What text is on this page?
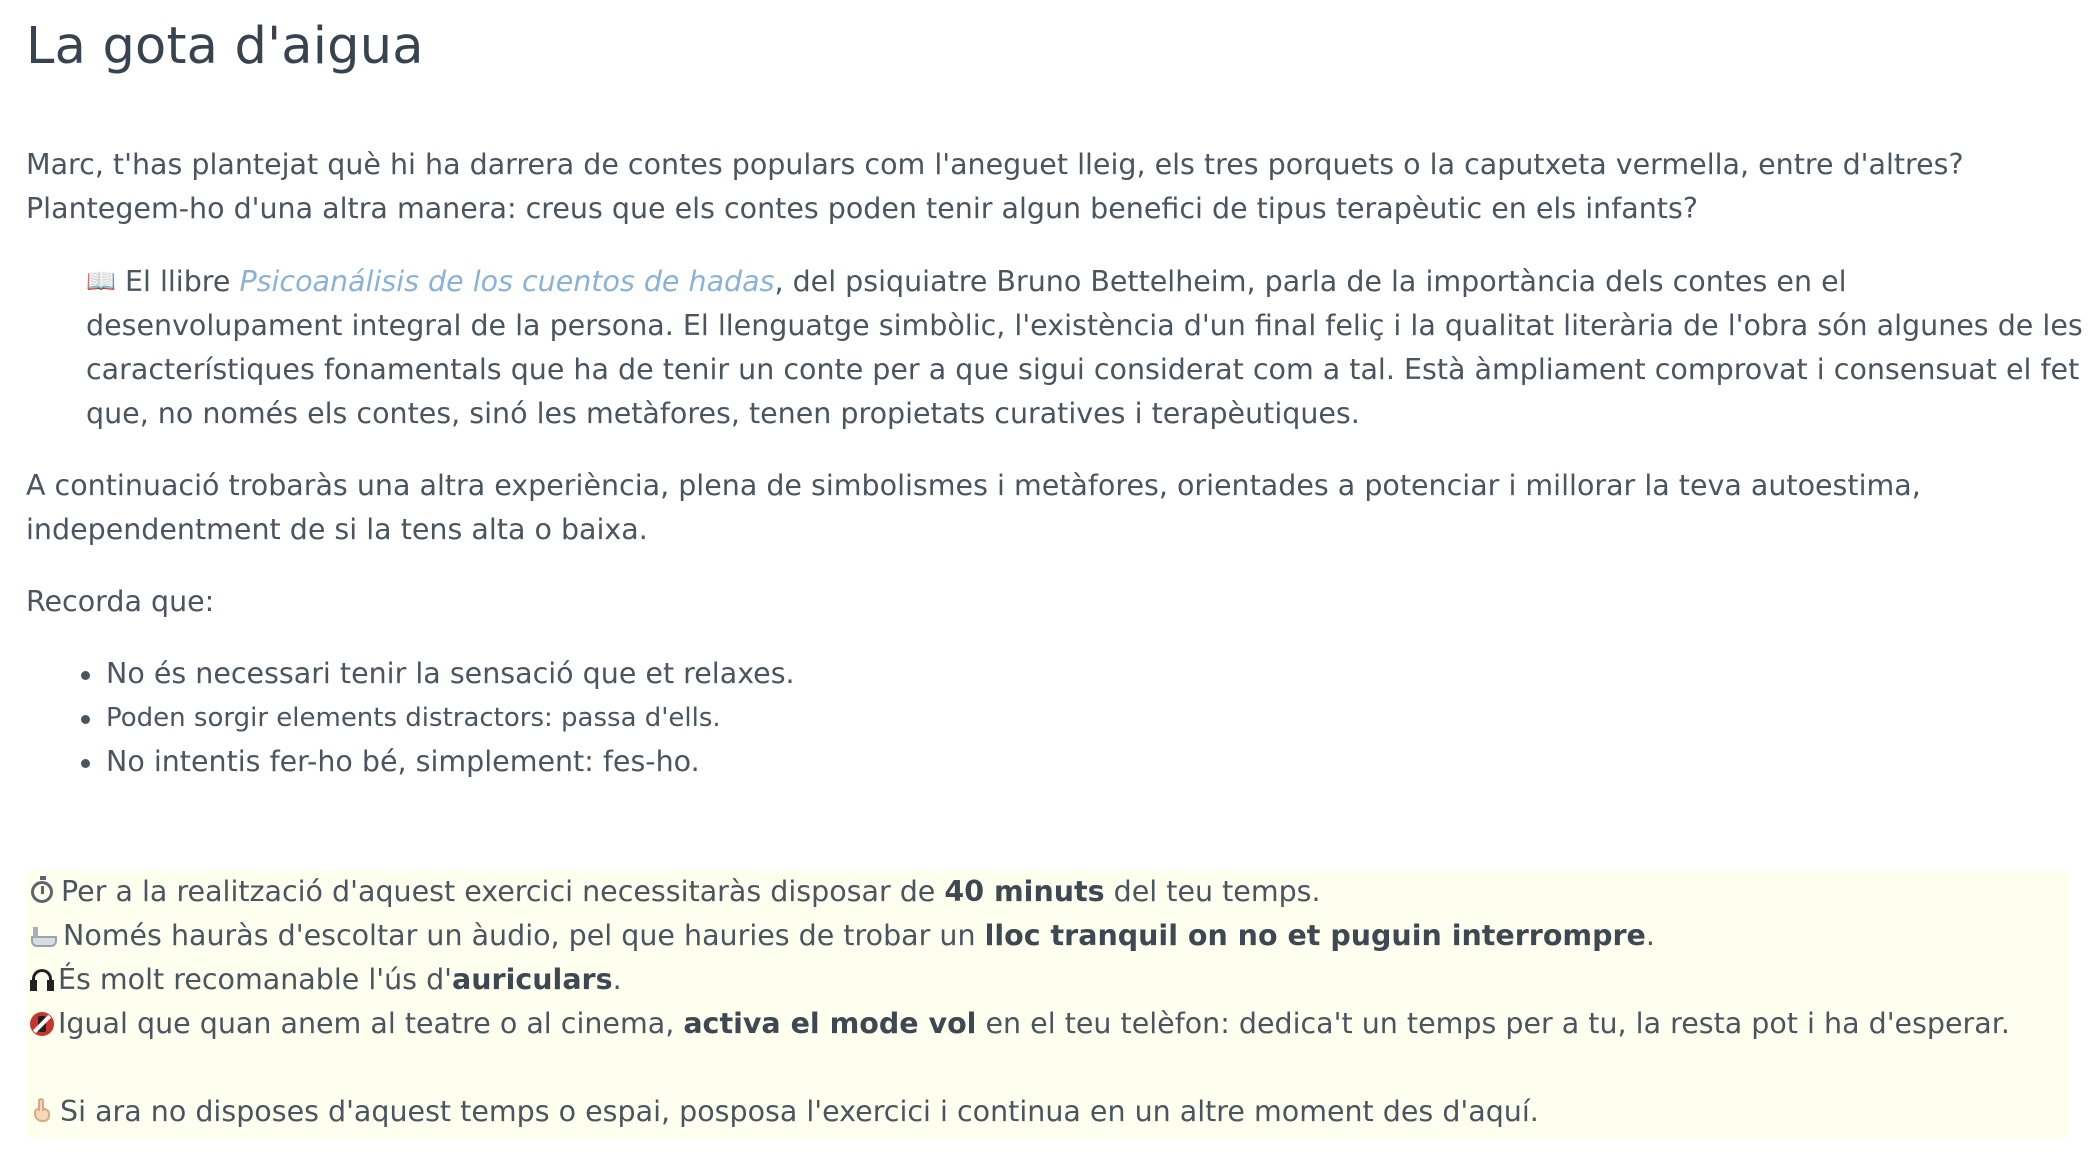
La gota d'aigua

Marc, t'has plantejat què hi ha darrera de contes populars com l'aneguet lleig, els tres porquets o la caputxeta vermella, entre d'altres? Plantegem-ho d'una altra manera: creus que els contes poden tenir algun benefici de tipus terapèutic en els infants?

📖 El llibre Psicoanálisis de los cuentos de hadas, del psiquiatre Bruno Bettelheim, parla de la importància dels contes en el desenvolupament integral de la persona. El llenguatge simbòlic, l'existència d'un final feliç i la qualitat literària de l'obra són algunes de les característiques fonamentals que ha de tenir un conte per a que sigui considerat com a tal. Està àmpliament comprovat i consensuat el fet que, no només els contes, sinó les metàfores, tenen propietats curatives i terapèutiques.

A continuació trobaràs una altra experiència, plena de simbolismes i metàfores, orientades a potenciar i millorar la teva autoestima, independentment de si la tens alta o baixa.

Recorda que:

No és necessari tenir la sensació que et relaxes.
Poden sorgir elements distractors: passa d'ells.
No intentis fer-ho bé, simplement: fes-ho.

Per a la realització d'aquest exercici necessitaràs disposar de 40 minuts del teu temps.

Només hauràs d'escoltar un àudio, pel que hauries de trobar un lloc tranquil on no et puguin interrompre.

És molt recomanable l'ús d'auriculars.

Igual que quan anem al teatre o al cinema, activa el mode vol en el teu telèfon: dedica't un temps per a tu, la resta pot i ha d'esperar.

Si ara no disposes d'aquest temps o espai, posposa l'exercici i continua en un altre moment des d'aquí.
